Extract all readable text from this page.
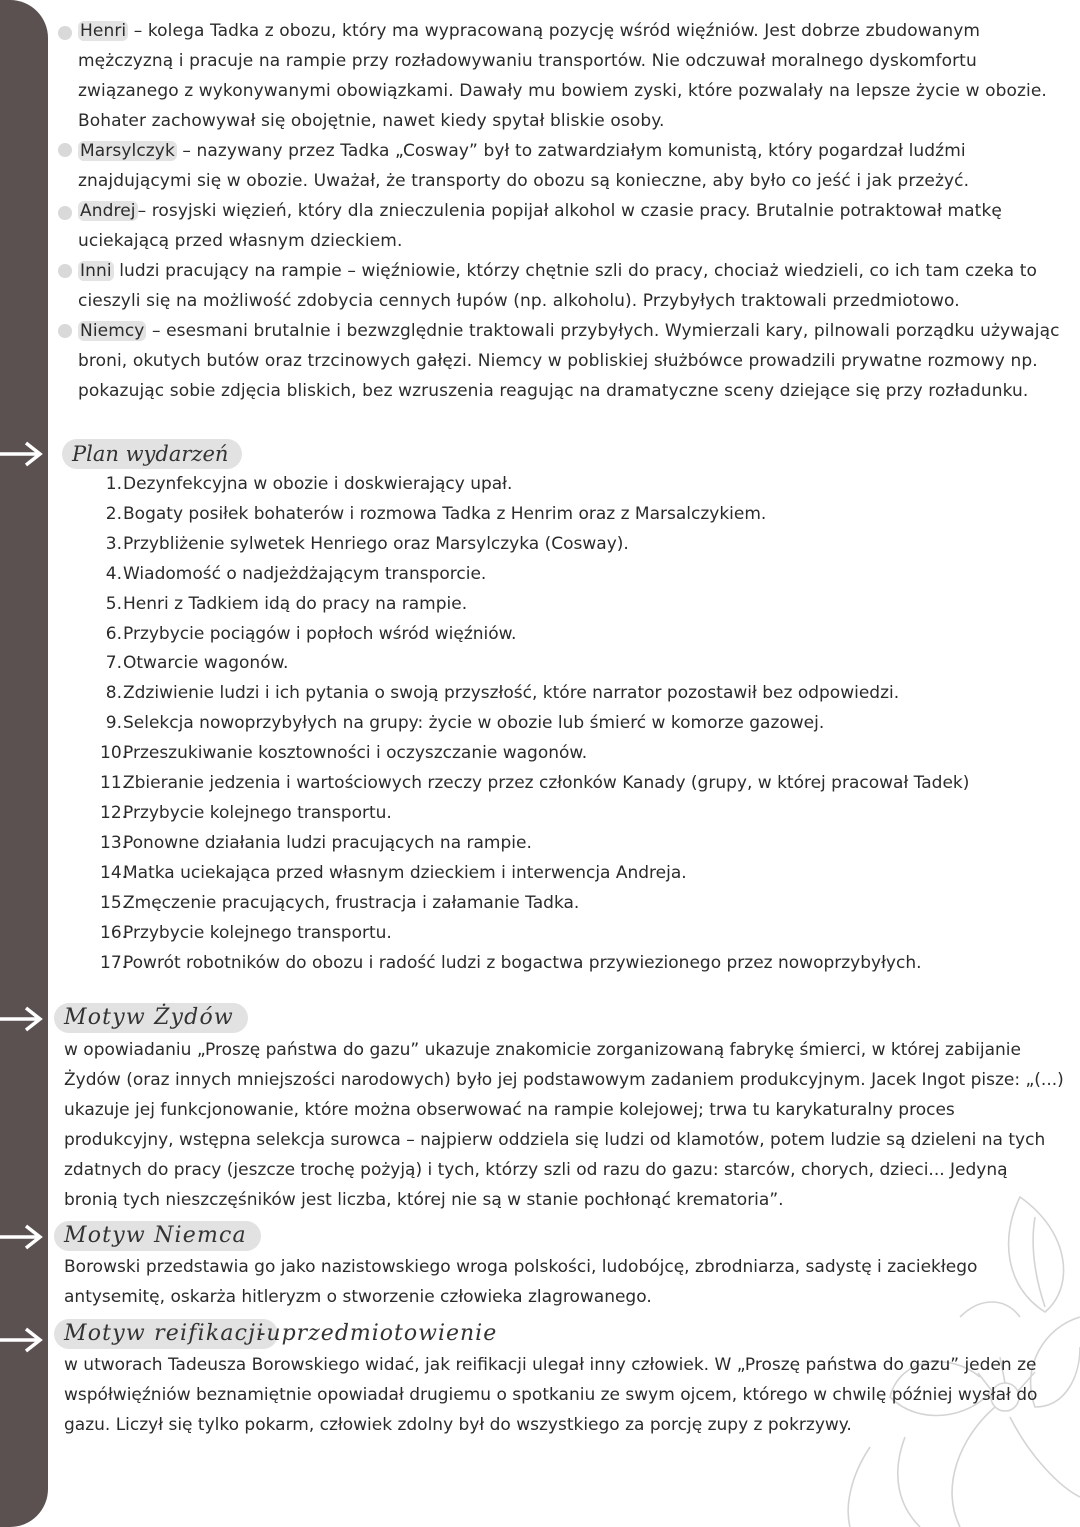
Henri – kolega Tadka z obozu, który ma wypracowaną pozycję wśród więźniów. Jest dobrze zbudowanym mężczyzną i pracuje na rampie przy rozładowywaniu transportów. Nie odczuwał moralnego dyskomfortu związanego z wykonywanymi obowiązkami. Dawały mu bowiem zyski, które pozwalały na lepsze życie w obozie. Bohater zachowywał się obojętnie, nawet kiedy spytał bliskie osoby.

Marsylczyk – nazywany przez Tadka „Cosway” był to zatwardziałym komunistą, który pogardzał ludźmi znajdującymi się w obozie. Uważał, że transporty do obozu są konieczne, aby było co jeść i jak przeżyć.

Andrej – rosyjski więzień, który dla znieczulenia popijał alkohol w czasie pracy. Brutalnie potraktował matkę uciekającą przed własnym dzieckiem.

Inni ludzi pracujący na rampie – więźniowie, którzy chętnie szli do pracy, chociaż wiedzieli, co ich tam czeka to cieszyli się na możliwość zdobycia cennych łupów (np. alkoholu). Przybyłych traktowali przedmiotowo.

Niemcy – esesmani brutalnie i bezwzględnie traktowali przybyłych. Wymierzali kary, pilnowali porządku używając broni, okutych butów oraz trzcinowych gałęzi. Niemcy w pobliskiej służbówce prowadzili prywatne rozmowy np. pokazując sobie zdjęcia bliskich, bez wzruszenia reagując na dramatyczne sceny dziejące się przy rozładunku.

Plan wydarzeń
1.Dezynfekcyjna w obozie i doskwierający upał.
2.Bogaty posiłek bohaterów i rozmowa Tadka z Henrim oraz z Marsalczykiem.
3.Przybliżenie sylwetek Henriego oraz Marsylczyka (Cosway).
4.Wiadomość o nadjeżdżającym transporcie.
5.Henri z Tadkiem idą do pracy na rampie.
6.Przybycie pociągów i popłoch wśród więźniów.
7.Otwarcie wagonów.
8.Zdziwienie ludzi i ich pytania o swoją przyszłość, które narrator pozostawił bez odpowiedzi.
9.Selekcja nowoprzybyłych na grupy: życie w obozie lub śmierć w komorze gazowej.
10.Przeszukiwanie kosztowności i oczyszczanie wagonów.
11.Zbieranie jedzenia i wartościowych rzeczy przez członków Kanady (grupy, w której pracował Tadek)
12.Przybycie kolejnego transportu.
13.Ponowne działania ludzi pracujących na rampie.
14.Matka uciekająca przed własnym dzieckiem i interwencja Andreja.
15.Zmęczenie pracujących, frustracja i załamanie Tadka.
16.Przybycie kolejnego transportu.
17.Powrót robotników do obozu i radość ludzi z bogactwa przywiezionego przez nowoprzybyłych.
Motyw Żydów

w opowiadaniu „Proszę państwa do gazu” ukazuje znakomicie zorganizowaną fabrykę śmierci, w której zabijanie Żydów (oraz innych mniejszości narodowych) było jej podstawowym zadaniem produkcyjnym. Jacek Ingot pisze: „(...) ukazuje jej funkcjonowanie, które można obserwować na rampie kolejowej; trwa tu karykaturalny proces produkcyjny, wstępna selekcja surowca – najpierw oddziela się ludzi od klamotów, potem ludzie są dzieleni na tych zdatnych do pracy (jeszcze trochę pożyją) i tych, którzy szli od razu do gazu: starców, chorych, dzieci... Jedyną bronią tych nieszczęśników jest liczba, której nie są w stanie pochłonąć krematoria”.

Motyw Niemca

Borowski przedstawia go jako nazistowskiego wroga polskości, ludobójcę, zbrodniarza, sadystę i zaciekłego antysemitę, oskarża hitleryzm o stworzenie człowieka zlagrowanego.

Motyw reifikacji
-uprzedmiotowienie

w utworach Tadeusza Borowskiego widać, jak reifikacji ulegał inny człowiek. W „Proszę państwa do gazu” jeden ze współwięźniów beznamiętnie opowiadał drugiemu o spotkaniu ze swym ojcem, którego w chwilę później wysłał do gazu. Liczył się tylko pokarm, człowiek zdolny był do wszystkiego za porcję zupy z pokrzywy.
